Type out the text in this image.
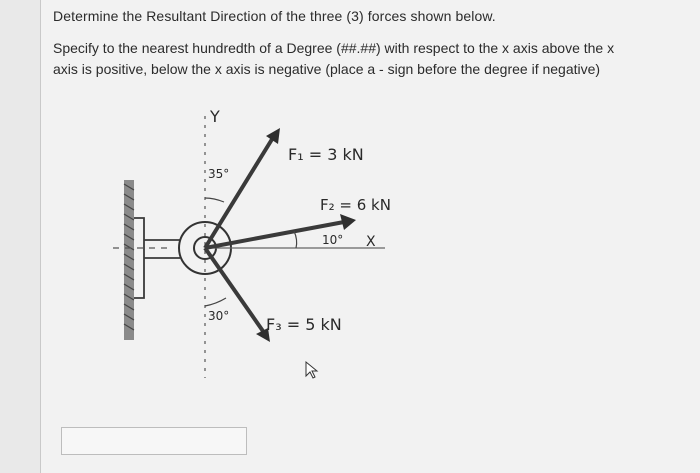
Determine the Resultant Direction of the three (3) forces shown below.
Specify to the nearest hundredth of a Degree (##.##) with respect to the x axis above the x
axis is positive, below the x axis is negative (place a - sign before the degree if negative)
Y
X
F₁ = 3 kN
F₂ = 6 kN
F₃ = 5 kN
35°
10°
30°
